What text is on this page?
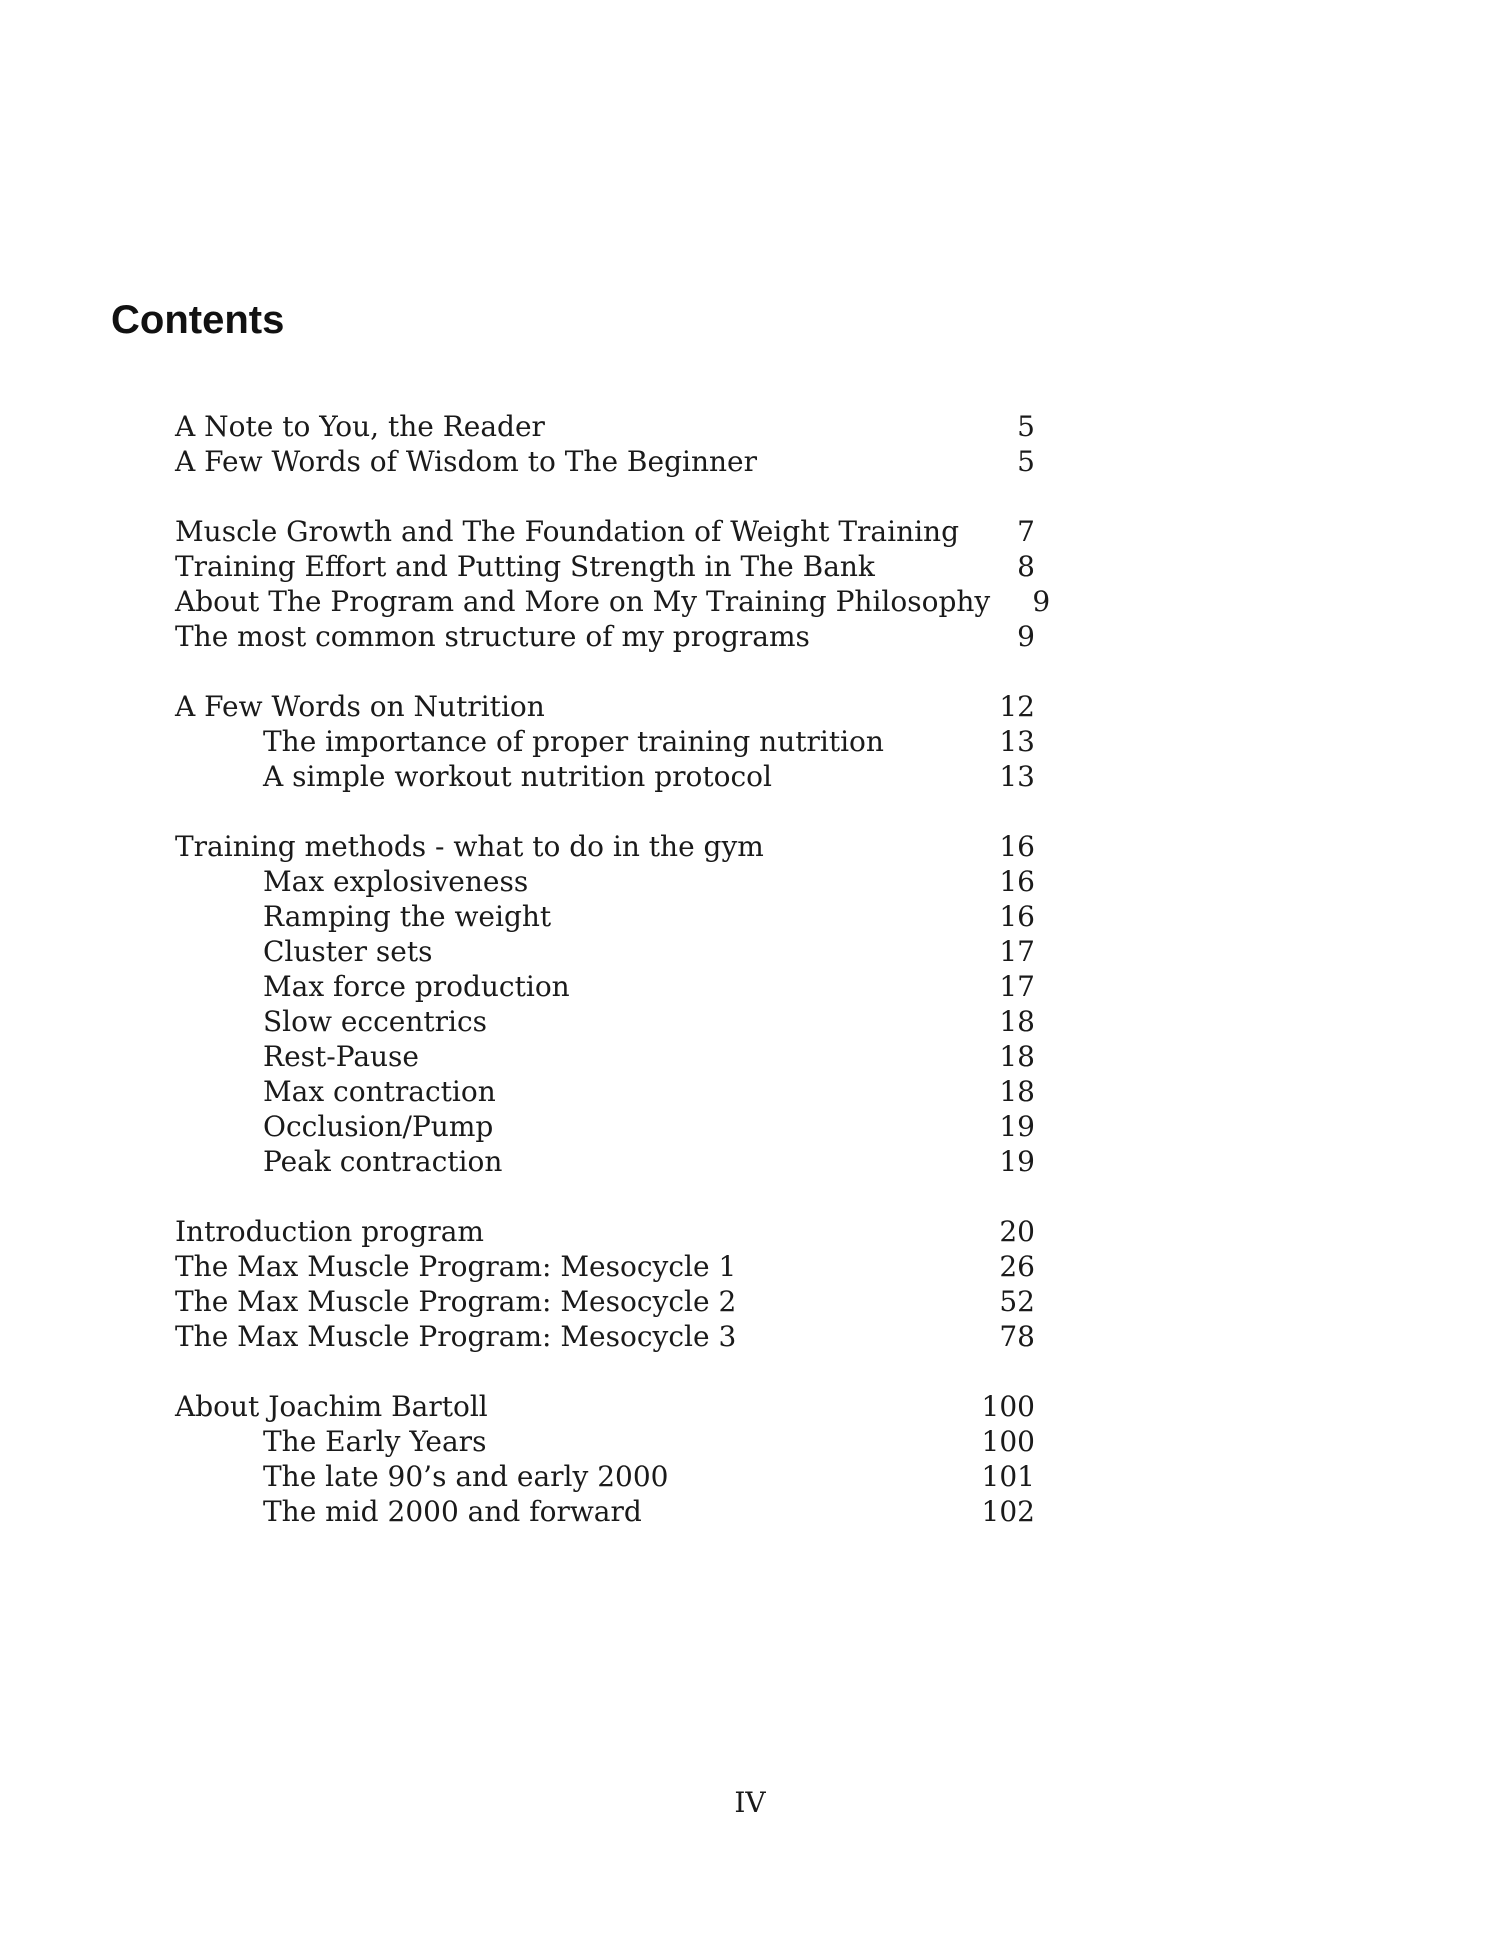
Contents
A Note to You, the Reader	5
A Few Words of Wisdom to The Beginner	5
Muscle Growth and The Foundation of Weight Training	7
Training Effort and Putting Strength in The Bank	8
About The Program and More on My Training Philosophy	9
The most common structure of my programs	9
A Few Words on Nutrition	12
The importance of proper training nutrition	13
A simple workout nutrition protocol	13
Training methods - what to do in the gym	16
Max explosiveness	16
Ramping the weight	16
Cluster sets	17
Max force production	17
Slow eccentrics	18
Rest-Pause	18
Max contraction	18
Occlusion/Pump	19
Peak contraction	19
Introduction program	20
The Max Muscle Program: Mesocycle 1	26
The Max Muscle Program: Mesocycle 2	52
The Max Muscle Program: Mesocycle 3	78
About Joachim Bartoll	100
The Early Years	100
The late 90’s and early 2000	101
The mid 2000 and forward	102
IV
